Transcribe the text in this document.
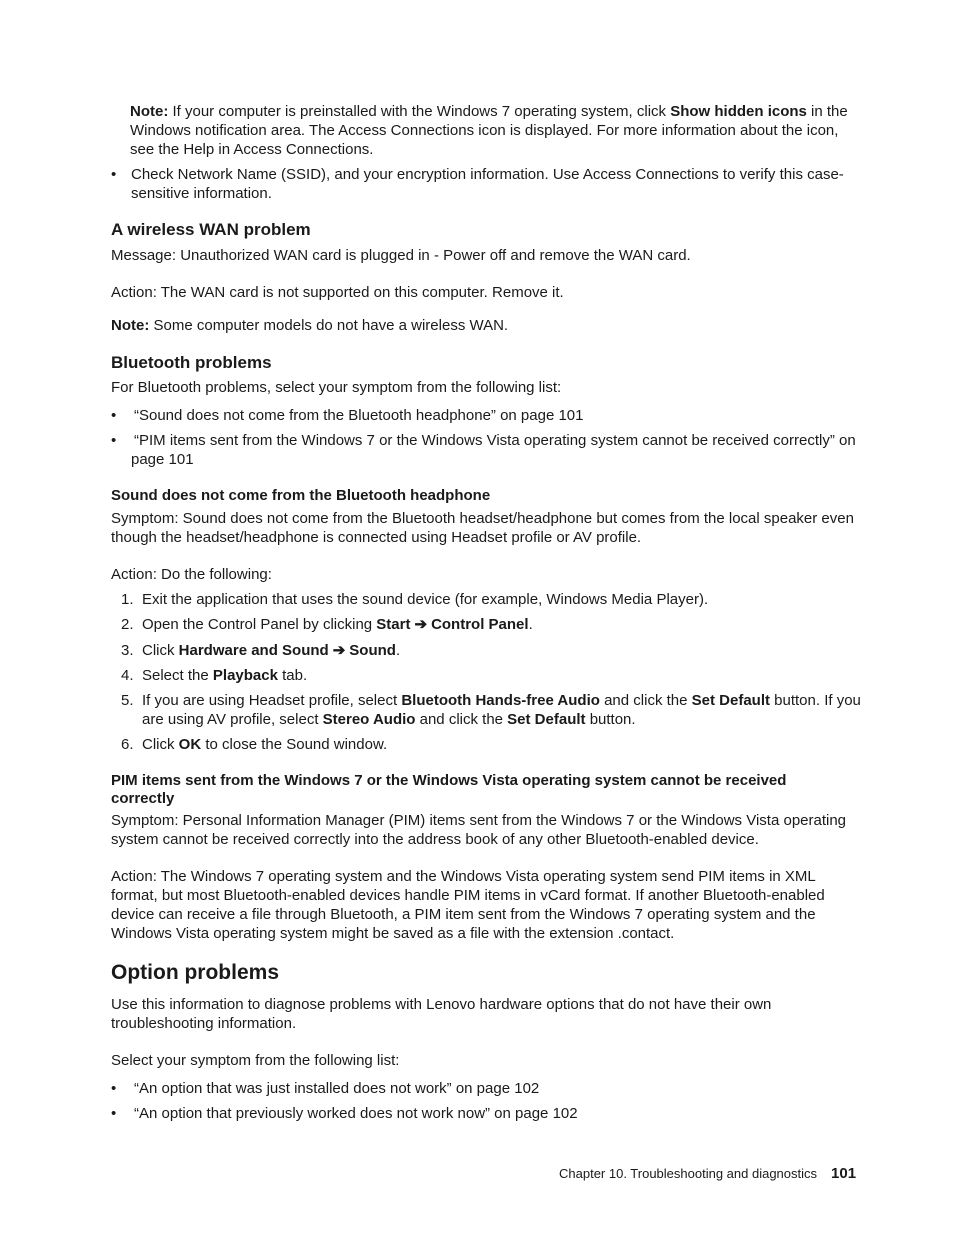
Note: If your computer is preinstalled with the Windows 7 operating system, click Show hidden icons in the Windows notification area. The Access Connections icon is displayed. For more information about the icon, see the Help in Access Connections.

• Check Network Name (SSID), and your encryption information. Use Access Connections to verify this case-sensitive information.
A wireless WAN problem

Message: Unauthorized WAN card is plugged in - Power off and remove the WAN card.

Action: The WAN card is not supported on this computer. Remove it.

Note: Some computer models do not have a wireless WAN.

Bluetooth problems

For Bluetooth problems, select your symptom from the following list:

• “Sound does not come from the Bluetooth headphone” on page 101
• “PIM items sent from the Windows 7 or the Windows Vista operating system cannot be received correctly” on page 101
Sound does not come from the Bluetooth headphone

Symptom: Sound does not come from the Bluetooth headset/headphone but comes from the local speaker even though the headset/headphone is connected using Headset profile or AV profile.

Action: Do the following:

1. Exit the application that uses the sound device (for example, Windows Media Player).
2. Open the Control Panel by clicking Start ➔ Control Panel.
3. Click Hardware and Sound ➔ Sound.
4. Select the Playback tab.
5. If you are using Headset profile, select Bluetooth Hands-free Audio and click the Set Default button. If you are using AV profile, select Stereo Audio and click the Set Default button.
6. Click OK to close the Sound window.
PIM items sent from the Windows 7 or the Windows Vista operating system cannot be received correctly

Symptom: Personal Information Manager (PIM) items sent from the Windows 7 or the Windows Vista operating system cannot be received correctly into the address book of any other Bluetooth-enabled device.

Action: The Windows 7 operating system and the Windows Vista operating system send PIM items in XML format, but most Bluetooth-enabled devices handle PIM items in vCard format. If another Bluetooth-enabled device can receive a file through Bluetooth, a PIM item sent from the Windows 7 operating system and the Windows Vista operating system might be saved as a file with the extension .contact.

Option problems

Use this information to diagnose problems with Lenovo hardware options that do not have their own troubleshooting information.

Select your symptom from the following list:

• “An option that was just installed does not work” on page 102
• “An option that previously worked does not work now” on page 102
Chapter 10. Troubleshooting and diagnostics 101
